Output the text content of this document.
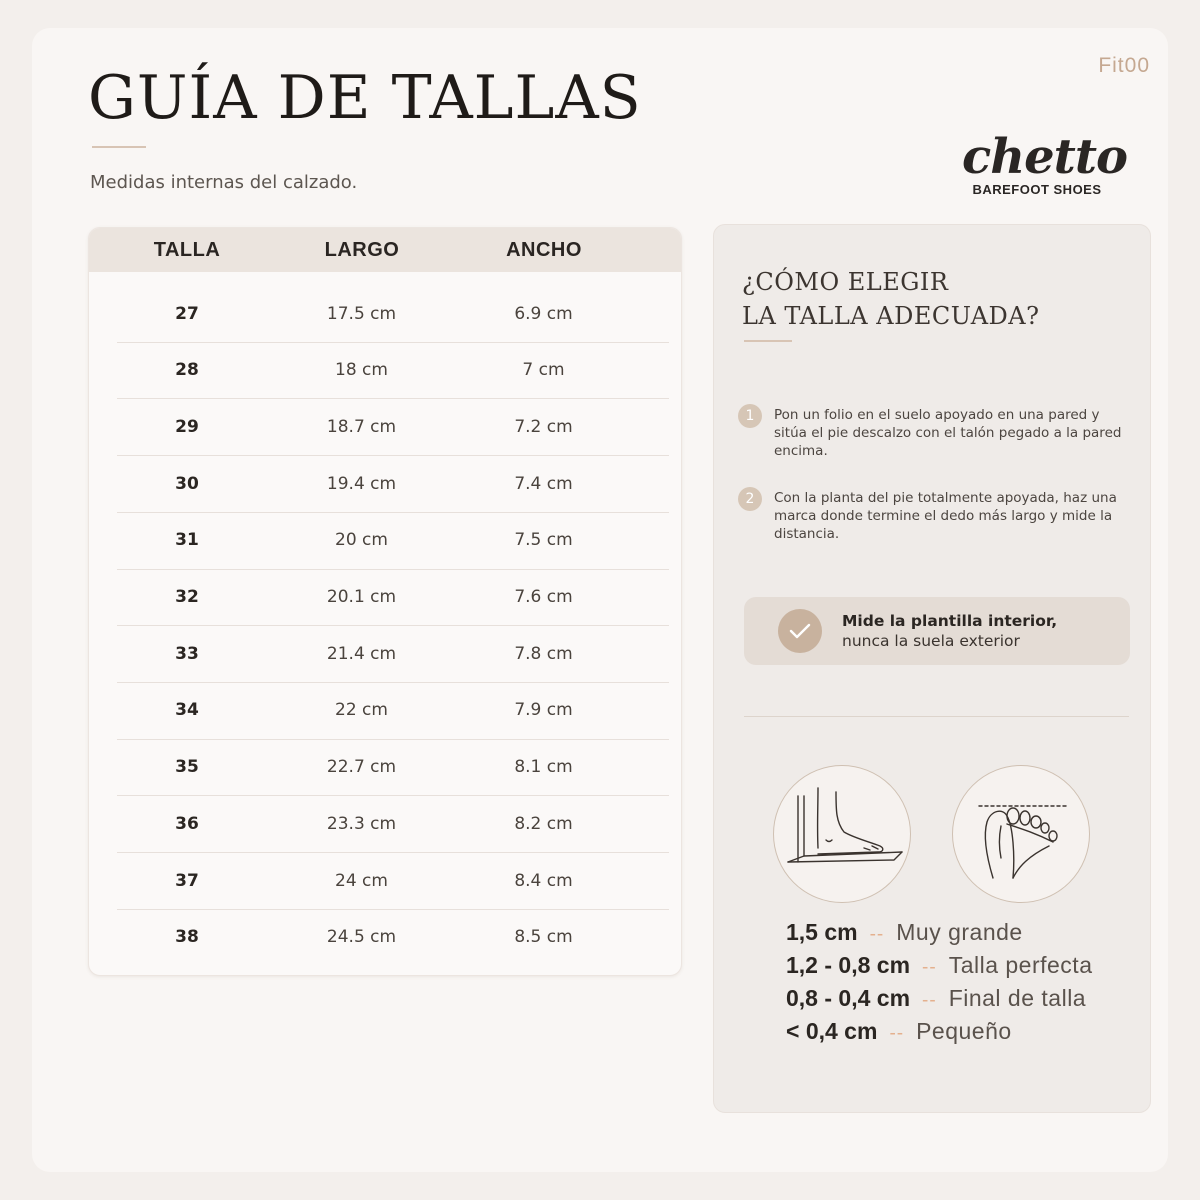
Fit00
GUÍA DE TALLAS
Medidas internas del calzado.	chetto
BAREFOOT SHOES
TALLA	LARGO	ANCHO
27	17.5 cm	6.9 cm
28	18 cm	7 cm
29	18.7 cm	7.2 cm
30	19.4 cm	7.4 cm
31	20 cm	7.5 cm
32	20.1 cm	7.6 cm
33	21.4 cm	7.8 cm
34	22 cm	7.9 cm
35	22.7 cm	8.1 cm
36	23.3 cm	8.2 cm
37	24 cm	8.4 cm
38	24.5 cm	8.5 cm
¿CÓMO ELEGIR
LA TALLA ADECUADA?
1	Pon un folio en el suelo apoyado en una pared y sitúa el pie descalzo con el talón pegado a la pared encima.
2	Con la planta del pie totalmente apoyada, haz una marca donde termine el dedo más largo y mide la distancia.
Mide la plantilla interior,
nunca la suela exterior
1,5 cm -- Muy grande
1,2 - 0,8 cm -- Talla perfecta
0,8 - 0,4 cm -- Final de talla
< 0,4 cm -- Pequeño
